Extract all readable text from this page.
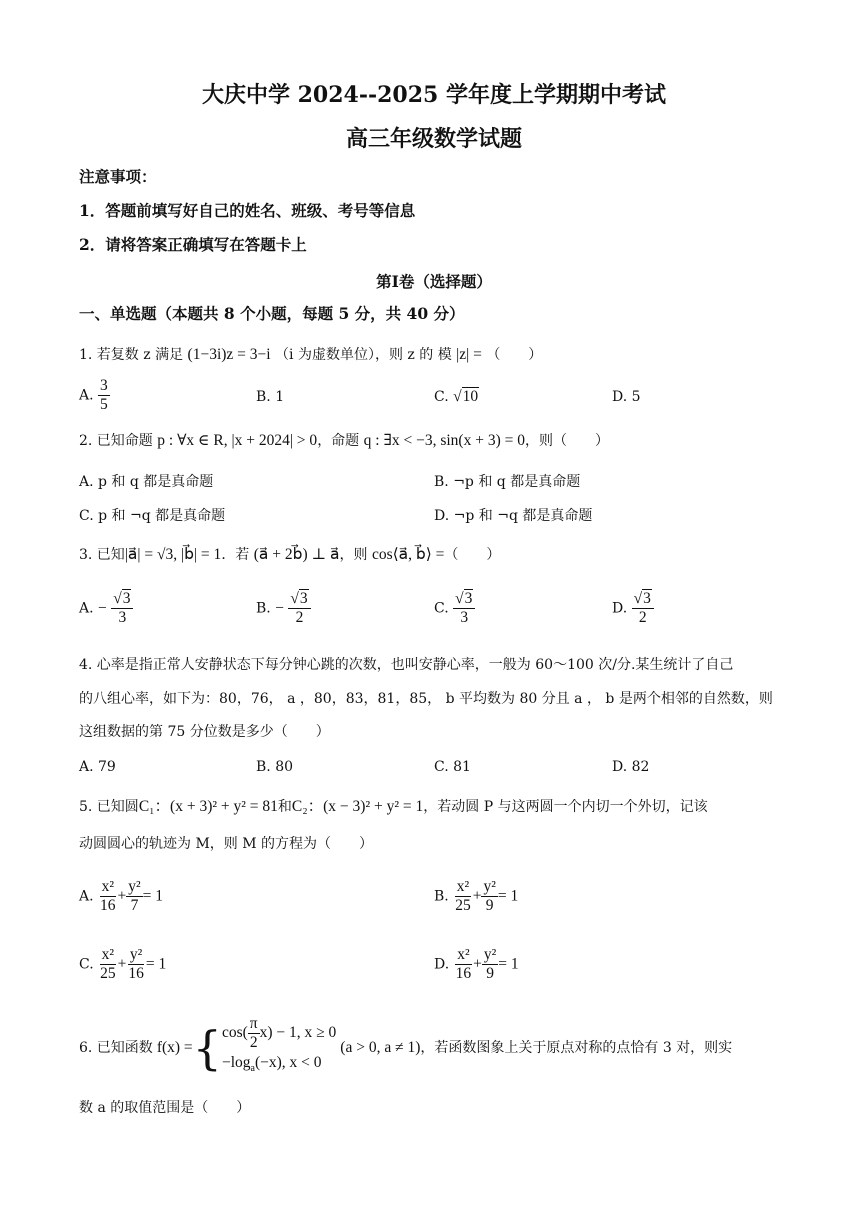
大庆中学 2024--2025 学年度上学期期中考试
高三年级数学试题
注意事项：
1．答题前填写好自己的姓名、班级、考号等信息
2．请将答案正确填写在答题卡上
第Ⅰ卷（选择题）
一、单选题（本题共 8 个小题，每题 5 分，共 40 分）
1. 若复数 z 满足 (1−3i)z = 3−i （i 为虚数单位），则 z 的 模 |z| = （　　）
A. $\frac{3}{5}$	B. 1	C. √10	D. 5
2. 已知命题 p : ∀x ∈ R, |x + 2024| > 0，命题 q : ∃x < −3, sin(x + 3) = 0，则（　　）
A. p 和 q 都是真命题	B. ¬p 和 q 都是真命题
C. p 和 ¬q 都是真命题	D. ¬p 和 ¬q 都是真命题
3. 已知|a⃗| = √3, |b⃗| = 1．若 (a⃗ + 2b⃗) ⊥ a⃗，则 cos⟨a⃗, b⃗⟩ =（　　）
A. − $\frac{√3}{3}$	B. − $\frac{√3}{2}$	C. $\frac{√3}{3}$	D. $\frac{√3}{2}$
4. 心率是指正常人安静状态下每分钟心跳的次数，也叫安静心率，一般为 60～100 次/分.某生统计了自己
的八组心率，如下为：80，76， a ，80，83，81，85， b 平均数为 80 分且 a ， b 是两个相邻的自然数，则
这组数据的第 75 分位数是多少（　　）
A. 79	B. 80	C. 81	D. 82
5. 已知圆C₁：(x + 3)² + y² = 81和C₂：(x − 3)² + y² = 1，若动圆 P 与这两圆一个内切一个外切，记该
动圆圆心的轨迹为 M，则 M 的方程为（　　）
A. $\frac{\text{x²}}{16} + \frac{\text{y²}}{7} = 1$	B. $\frac{\text{x²}}{25} + \frac{\text{y²}}{9} = 1$
C. $\frac{\text{x²}}{25} + \frac{\text{y²}}{16} = 1$	D. $\frac{\text{x²}}{16} + \frac{\text{y²}}{9} = 1$
6. 已知函数 f(x) = { $\cos( \frac{\pi}{2} x) - 1$, x ≥ 0
$-\log_a(-x)$, x < 0
(a > 0, a ≠ 1) ，若函数图象上关于原点对称的点恰有 3 对，则实
数 a 的取值范围是（　　）
